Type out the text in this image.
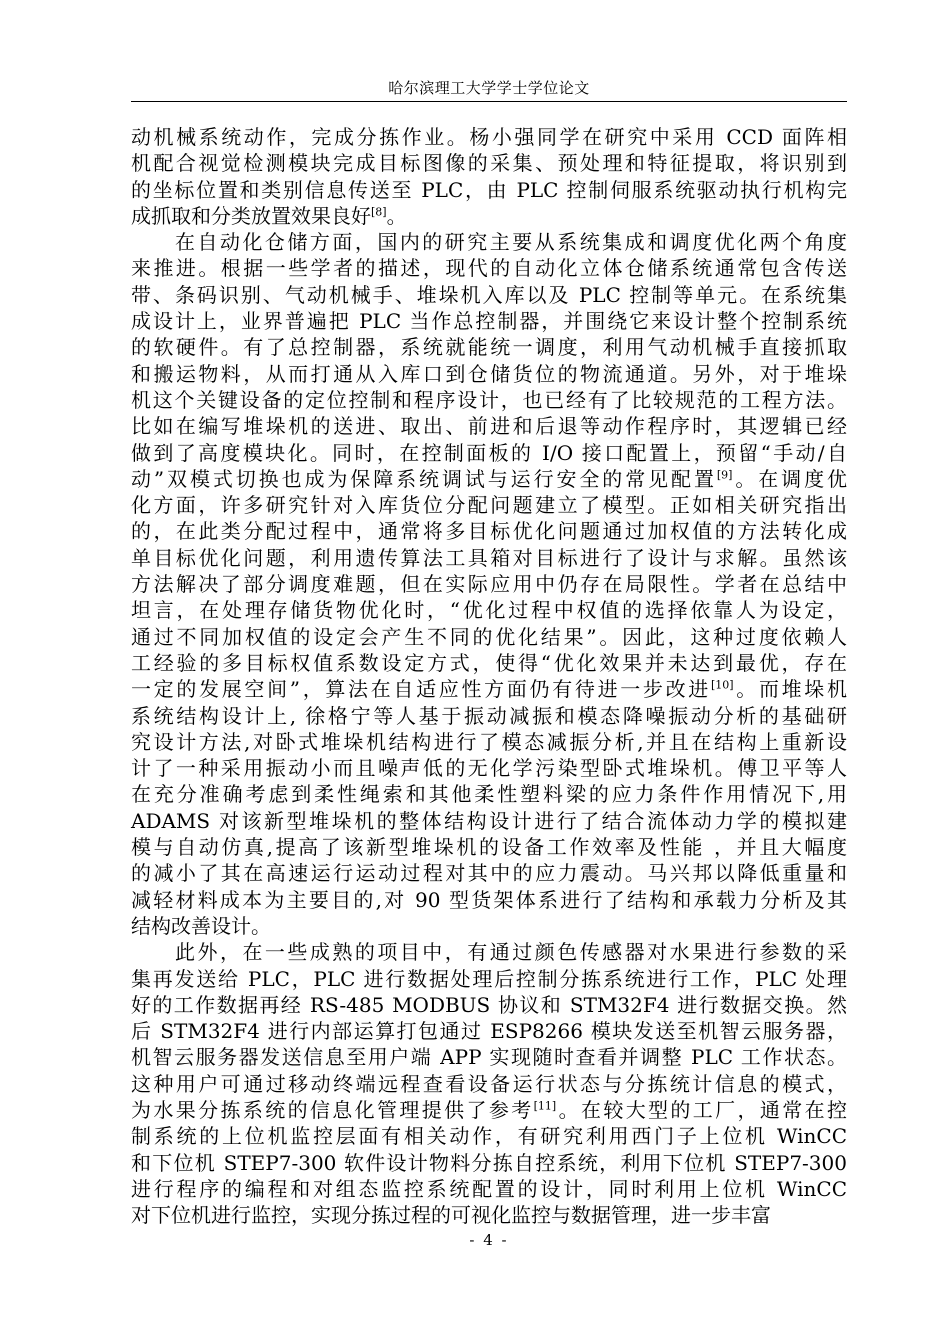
哈尔滨理工大学学士学位论文
动机械系统动作，完成分拣作业。杨小强同学在研究中采用 CCD 面阵相
机配合视觉检测模块完成目标图像的采集、预处理和特征提取，将识别到
的坐标位置和类别信息传送至 PLC，由 PLC 控制伺服系统驱动执行机构完
成抓取和分类放置效果良好[8]。
在自动化仓储方面，国内的研究主要从系统集成和调度优化两个角度
来推进。根据一些学者的描述，现代的自动化立体仓储系统通常包含传送
带、条码识别、气动机械手、堆垛机入库以及 PLC 控制等单元。在系统集
成设计上，业界普遍把 PLC 当作总控制器，并围绕它来设计整个控制系统
的软硬件。有了总控制器，系统就能统一调度，利用气动机械手直接抓取
和搬运物料，从而打通从入库口到仓储货位的物流通道。另外，对于堆垛
机这个关键设备的定位控制和程序设计，也已经有了比较规范的工程方法。
比如在编写堆垛机的送进、取出、前进和后退等动作程序时，其逻辑已经
做到了高度模块化。同时，在控制面板的 I/O 接口配置上，预留“手动/自
动”双模式切换也成为保障系统调试与运行安全的常见配置[9]。在调度优
化方面，许多研究针对入库货位分配问题建立了模型。正如相关研究指出
的，在此类分配过程中，通常将多目标优化问题通过加权值的方法转化成
单目标优化问题，利用遗传算法工具箱对目标进行了设计与求解。虽然该
方法解决了部分调度难题，但在实际应用中仍存在局限性。学者在总结中
坦言，在处理存储货物优化时，“优化过程中权值的选择依靠人为设定，
通过不同加权值的设定会产生不同的优化结果”。因此，这种过度依赖人
工经验的多目标权值系数设定方式，使得“优化效果并未达到最优，存在
一定的发展空间”，算法在自适应性方面仍有待进一步改进[10]。而堆垛机
系统结构设计上, 徐格宁等人基于振动减振和模态降噪振动分析的基础研
究设计方法,对卧式堆垛机结构进行了模态减振分析,并且在结构上重新设
计了一种采用振动小而且噪声低的无化学污染型卧式堆垛机。傅卫平等人
在充分准确考虑到柔性绳索和其他柔性塑料梁的应力条件作用情况下,用
ADAMS 对该新型堆垛机的整体结构设计进行了结合流体动力学的模拟建
模与自动仿真,提高了该新型堆垛机的设备工作效率及性能 ，并且大幅度
的减小了其在高速运行运动过程对其中的应力震动。马兴邦以降低重量和
减轻材料成本为主要目的,对 90 型货架体系进行了结构和承载力分析及其
结构改善设计。
此外，在一些成熟的项目中，有通过颜色传感器对水果进行参数的采
集再发送给 PLC，PLC 进行数据处理后控制分拣系统进行工作，PLC 处理
好的工作数据再经 RS-485 MODBUS 协议和 STM32F4 进行数据交换。然
后 STM32F4 进行内部运算打包通过 ESP8266 模块发送至机智云服务器，
机智云服务器发送信息至用户端 APP 实现随时查看并调整 PLC 工作状态。
这种用户可通过移动终端远程查看设备运行状态与分拣统计信息的模式，
为水果分拣系统的信息化管理提供了参考[11]。在较大型的工厂，通常在控
制系统的上位机监控层面有相关动作，有研究利用西门子上位机 WinCC
和下位机 STEP7-300 软件设计物料分拣自控系统，利用下位机 STEP7-300
进行程序的编程和对组态监控系统配置的设计，同时利用上位机 WinCC
对下位机进行监控，实现分拣过程的可视化监控与数据管理，进一步丰富
- 4 -
